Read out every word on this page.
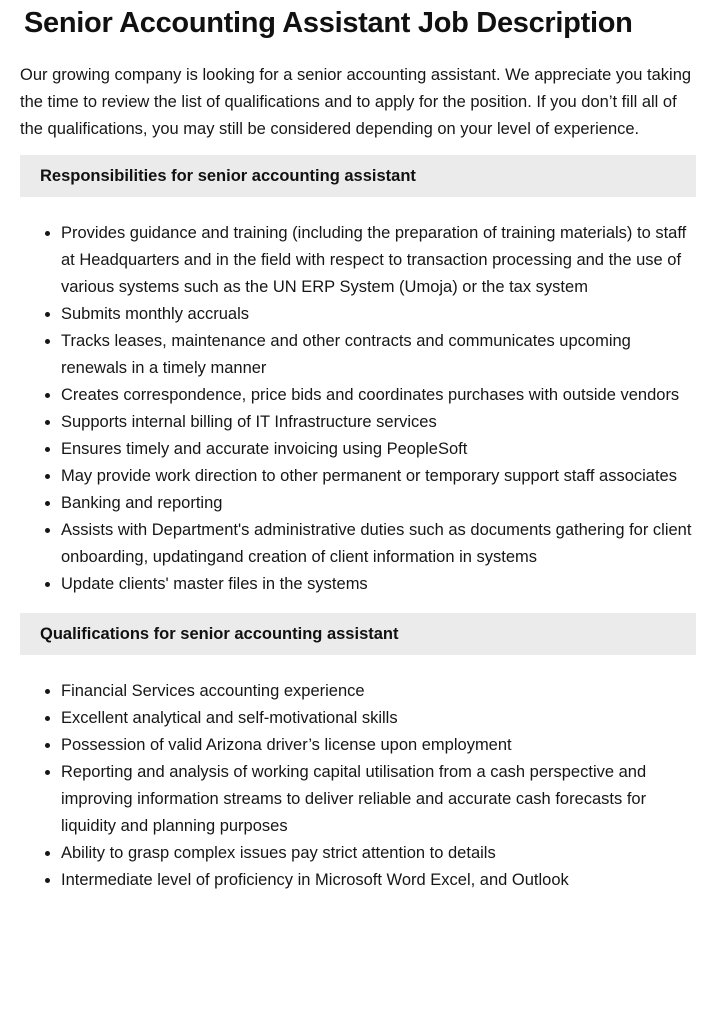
Senior Accounting Assistant Job Description

Our growing company is looking for a senior accounting assistant. We appreciate you taking the time to review the list of qualifications and to apply for the position. If you don’t fill all of the qualifications, you may still be considered depending on your level of experience.

Responsibilities for senior accounting assistant
• Provides guidance and training (including the preparation of training materials) to staff at Headquarters and in the field with respect to transaction processing and the use of various systems such as the UN ERP System (Umoja) or the tax system
• Submits monthly accruals
• Tracks leases, maintenance and other contracts and communicates upcoming renewals in a timely manner
• Creates correspondence, price bids and coordinates purchases with outside vendors
• Supports internal billing of IT Infrastructure services
• Ensures timely and accurate invoicing using PeopleSoft
• May provide work direction to other permanent or temporary support staff associates
• Banking and reporting
• Assists with Department's administrative duties such as documents gathering for client onboarding, updatingand creation of client information in systems
• Update clients' master files in the systems
Qualifications for senior accounting assistant
• Financial Services accounting experience
• Excellent analytical and self-motivational skills
• Possession of valid Arizona driver’s license upon employment
• Reporting and analysis of working capital utilisation from a cash perspective and improving information streams to deliver reliable and accurate cash forecasts for liquidity and planning purposes
• Ability to grasp complex issues pay strict attention to details
• Intermediate level of proficiency in Microsoft Word Excel, and Outlook
